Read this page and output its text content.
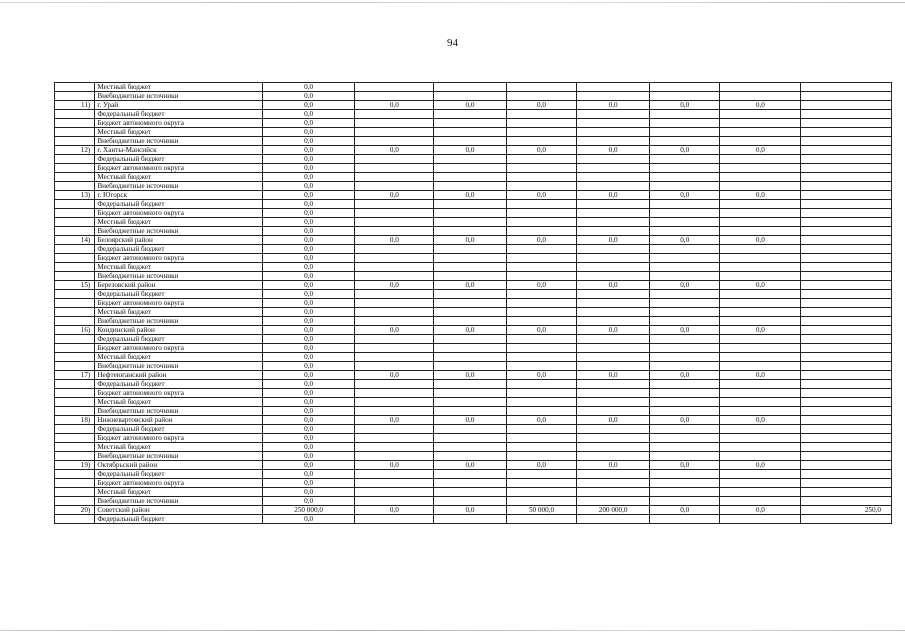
94
	Местный бюджет	0,0							
	Внебюджетные источники	0,0							
11)	г. Урай	0,0	0,0	0,0	0,0	0,0	0,0	0,0	
	Федеральный бюджет	0,0							
	Бюджет автономного округа	0,0							
	Местный бюджет	0,0							
	Внебюджетные источники	0,0							
12)	г. Ханты-Мансийск	0,0	0,0	0,0	0,0	0,0	0,0	0,0	
	Федеральный бюджет	0,0							
	Бюджет автономного округа	0,0							
	Местный бюджет	0,0							
	Внебюджетные источники	0,0							
13)	г. Югорск	0,0	0,0	0,0	0,0	0,0	0,0	0,0	
	Федеральный бюджет	0,0							
	Бюджет автономного округа	0,0							
	Местный бюджет	0,0							
	Внебюджетные источники	0,0							
14)	Белоярский район	0,0	0,0	0,0	0,0	0,0	0,0	0,0	
	Федеральный бюджет	0,0							
	Бюджет автономного округа	0,0							
	Местный бюджет	0,0							
	Внебюджетные источники	0,0							
15)	Березовский район	0,0	0,0	0,0	0,0	0,0	0,0	0,0	
	Федеральный бюджет	0,0							
	Бюджет автономного округа	0,0							
	Местный бюджет	0,0							
	Внебюджетные источники	0,0							
16)	Кондинский район	0,0	0,0	0,0	0,0	0,0	0,0	0,0	
	Федеральный бюджет	0,0							
	Бюджет автономного округа	0,0							
	Местный бюджет	0,0							
	Внебюджетные источники	0,0							
17)	Нефтеюганский район	0,0	0,0	0,0	0,0	0,0	0,0	0,0	
	Федеральный бюджет	0,0							
	Бюджет автономного округа	0,0							
	Местный бюджет	0,0							
	Внебюджетные источники	0,0							
18)	Нижневартовский район	0,0	0,0	0,0	0,0	0,0	0,0	0,0	
	Федеральный бюджет	0,0							
	Бюджет автономного округа	0,0							
	Местный бюджет	0,0							
	Внебюджетные источники	0,0							
19)	Октябрьский район	0,0	0,0	0,0	0,0	0,0	0,0	0,0	
	Федеральный бюджет	0,0							
	Бюджет автономного округа	0,0							
	Местный бюджет	0,0							
	Внебюджетные источники	0,0							
20)	Советский район	250 000,0	0,0	0,0	50 000,0	200 000,0	0,0	0,0	250,0
	Федеральный бюджет	0,0							
